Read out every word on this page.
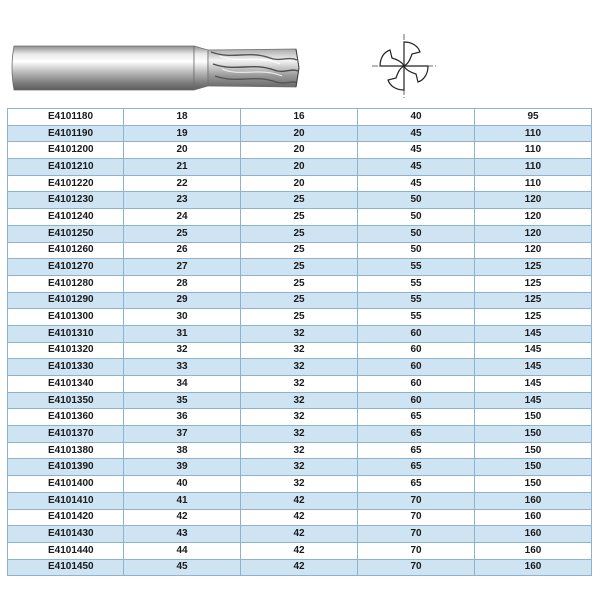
E4101180	18	16	40	95
E4101190	19	20	45	110
E4101200	20	20	45	110
E4101210	21	20	45	110
E4101220	22	20	45	110
E4101230	23	25	50	120
E4101240	24	25	50	120
E4101250	25	25	50	120
E4101260	26	25	50	120
E4101270	27	25	55	125
E4101280	28	25	55	125
E4101290	29	25	55	125
E4101300	30	25	55	125
E4101310	31	32	60	145
E4101320	32	32	60	145
E4101330	33	32	60	145
E4101340	34	32	60	145
E4101350	35	32	60	145
E4101360	36	32	65	150
E4101370	37	32	65	150
E4101380	38	32	65	150
E4101390	39	32	65	150
E4101400	40	32	65	150
E4101410	41	42	70	160
E4101420	42	42	70	160
E4101430	43	42	70	160
E4101440	44	42	70	160
E4101450	45	42	70	160
